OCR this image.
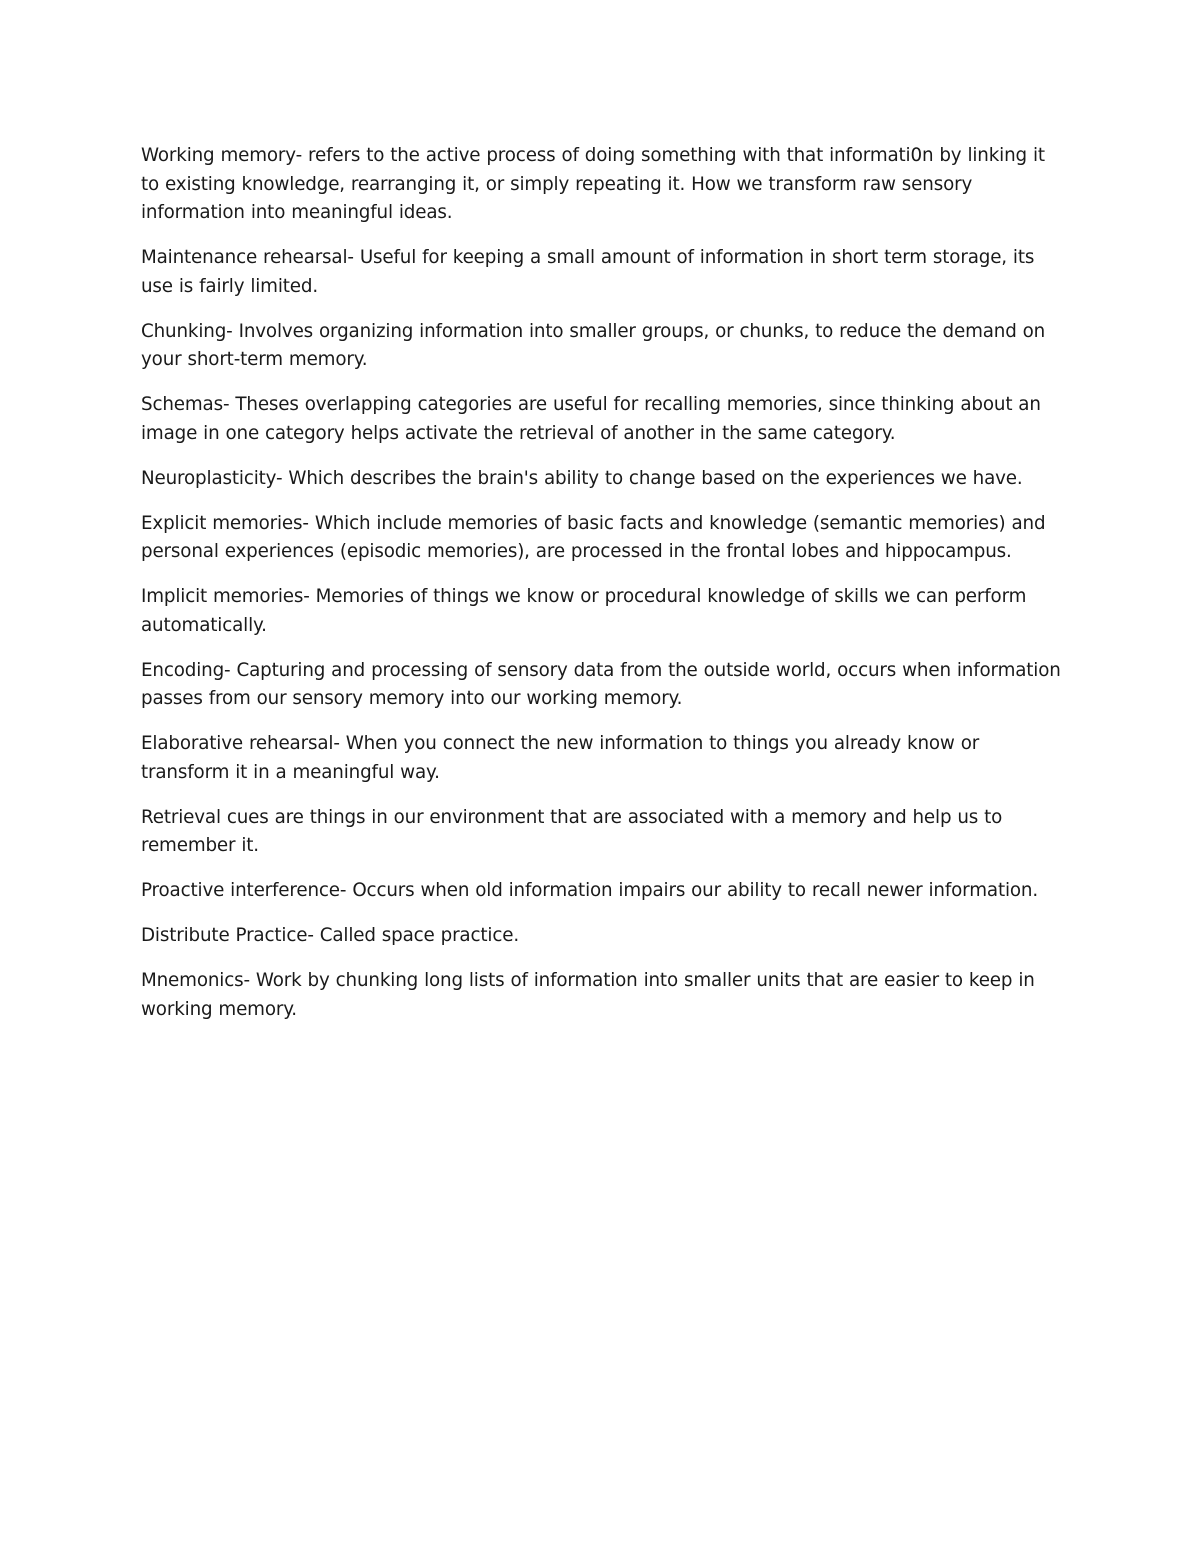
Working memory- refers to the active process of doing something with that informati0n by linking it to existing knowledge, rearranging it, or simply repeating it. How we transform raw sensory information into meaningful ideas.

Maintenance rehearsal- Useful for keeping a small amount of information in short term storage, its use is fairly limited.

Chunking- Involves organizing information into smaller groups, or chunks, to reduce the demand on your short-term memory.

Schemas- Theses overlapping categories are useful for recalling memories, since thinking about an image in one category helps activate the retrieval of another in the same category.

Neuroplasticity- Which describes the brain's ability to change based on the experiences we have.

Explicit memories- Which include memories of basic facts and knowledge (semantic memories) and personal experiences (episodic memories), are processed in the frontal lobes and hippocampus.

Implicit memories- Memories of things we know or procedural knowledge of skills we can perform automatically.

Encoding- Capturing and processing of sensory data from the outside world, occurs when information passes from our sensory memory into our working memory.

Elaborative rehearsal- When you connect the new information to things you already know or transform it in a meaningful way.

Retrieval cues are things in our environment that are associated with a memory and help us to remember it.

Proactive interference- Occurs when old information impairs our ability to recall newer information.

Distribute Practice- Called space practice.

Mnemonics- Work by chunking long lists of information into smaller units that are easier to keep in working memory.
